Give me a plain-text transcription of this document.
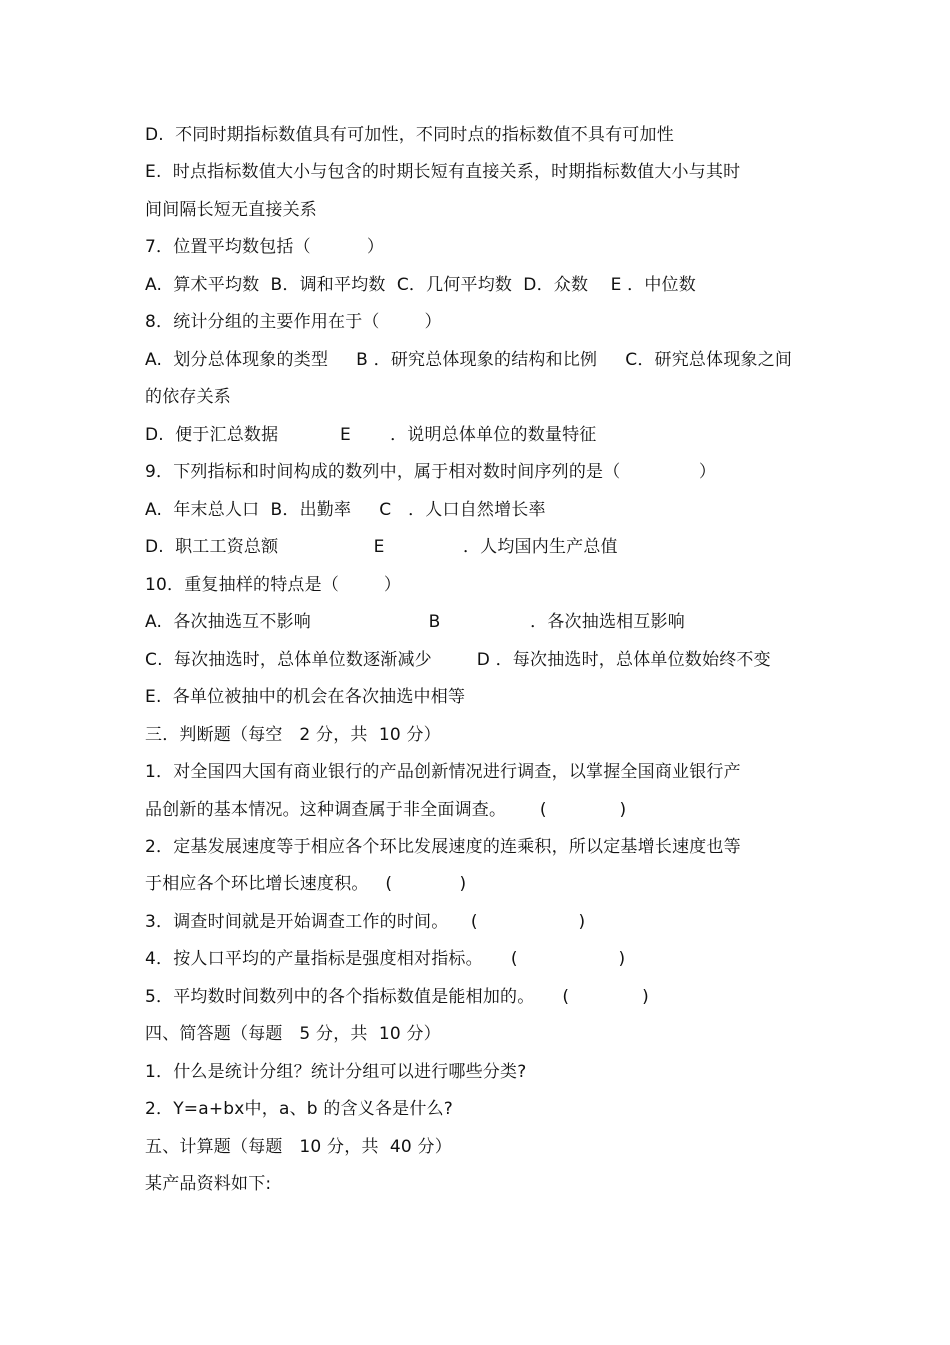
D.  不同时期指标数值具有可加性，不同时点的指标数值不具有可加性
E.  时点指标数值大小与包含的时期长短有直接关系，时期指标数值大小与其时
间间隔长短无直接关系
7．位置平均数包括（          ）
A.  算术平均数  B．调和平均数  C．几何平均数  D．众数    E ．中位数
8．统计分组的主要作用在于（        ）
A.  划分总体现象的类型     B ．研究总体现象的结构和比例     C．研究总体现象之间
的依存关系
D.  便于汇总数据           E       ．说明总体单位的数量特征
9．下列指标和时间构成的数列中，属于相对数时间序列的是（              ）
A.  年末总人口  B．出勤率     C   ．人口自然增长率
D.  职工工资总额                 E              ．人均国内生产总值
10．重复抽样的特点是（        ）
A.  各次抽选互不影响                     B                ．各次抽选相互影响
C.  每次抽选时，总体单位数逐渐减少        D ．每次抽选时，总体单位数始终不变
E.  各单位被抽中的机会在各次抽选中相等
三．判断题（每空   2 分，共  10 分）
1．对全国四大国有商业银行的产品创新情况进行调查，以掌握全国商业银行产
品创新的基本情况。这种调查属于非全面调查。      (             )
2．定基发展速度等于相应各个环比发展速度的连乘积，所以定基增长速度也等
于相应各个环比增长速度积。   (            )
3．调查时间就是开始调查工作的时间。    (                  )
4．按人口平均的产量指标是强度相对指标。     (                  )
5．平均数时间数列中的各个指标数值是能相加的。     (             )
四、简答题（每题   5 分，共  10 分）
1．什么是统计分组？统计分组可以进行哪些分类?
2．Y=a+bx中，a、b 的含义各是什么?
五、计算题（每题   10 分，共  40 分）
某产品资料如下:
